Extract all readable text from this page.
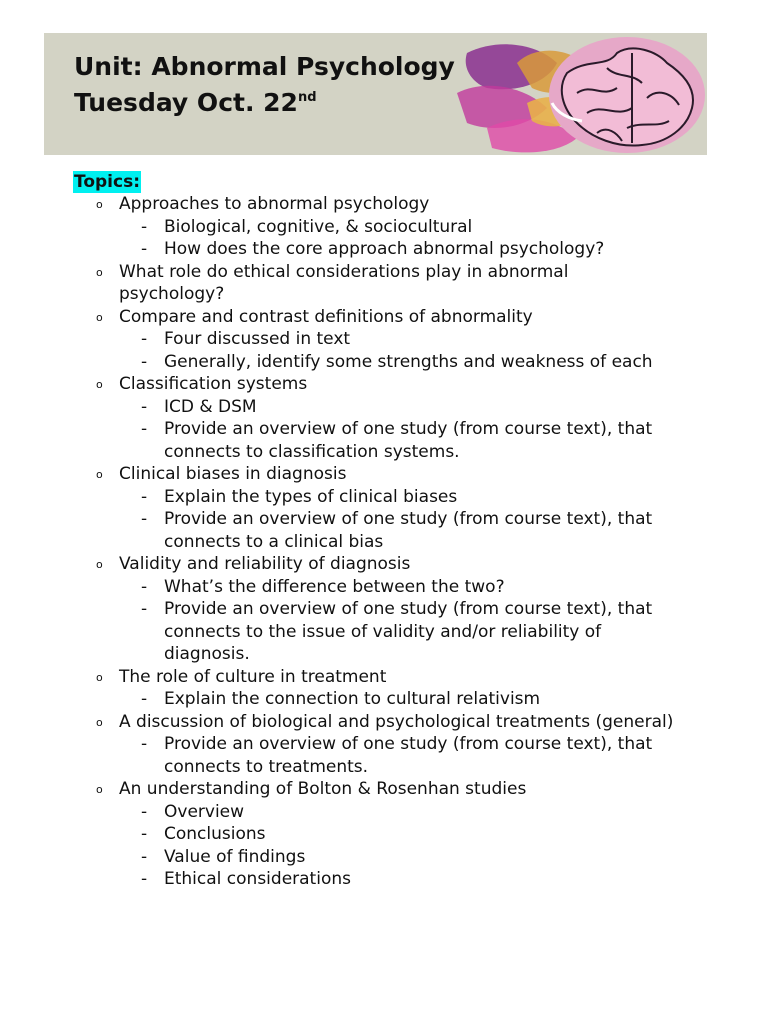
Unit: Abnormal Psychology
Tuesday Oct. 22nd
Topics:
o Approaches to abnormal psychology
- Biological, cognitive, & sociocultural
- How does the core approach abnormal psychology?
o What role do ethical considerations play in abnormal psychology?
o Compare and contrast definitions of abnormality
- Four discussed in text
- Generally, identify some strengths and weakness of each
o Classification systems
- ICD & DSM
- Provide an overview of one study (from course text), that connects to classification systems.
o Clinical biases in diagnosis
- Explain the types of clinical biases
- Provide an overview of one study (from course text), that connects to a clinical bias
o Validity and reliability of diagnosis
- What’s the difference between the two?
- Provide an overview of one study (from course text), that connects to the issue of validity and/or reliability of diagnosis.
o The role of culture in treatment
- Explain the connection to cultural relativism
o A discussion of biological and psychological treatments (general)
- Provide an overview of one study (from course text), that connects to treatments.
o An understanding of Bolton & Rosenhan studies
- Overview
- Conclusions
- Value of findings
- Ethical considerations
